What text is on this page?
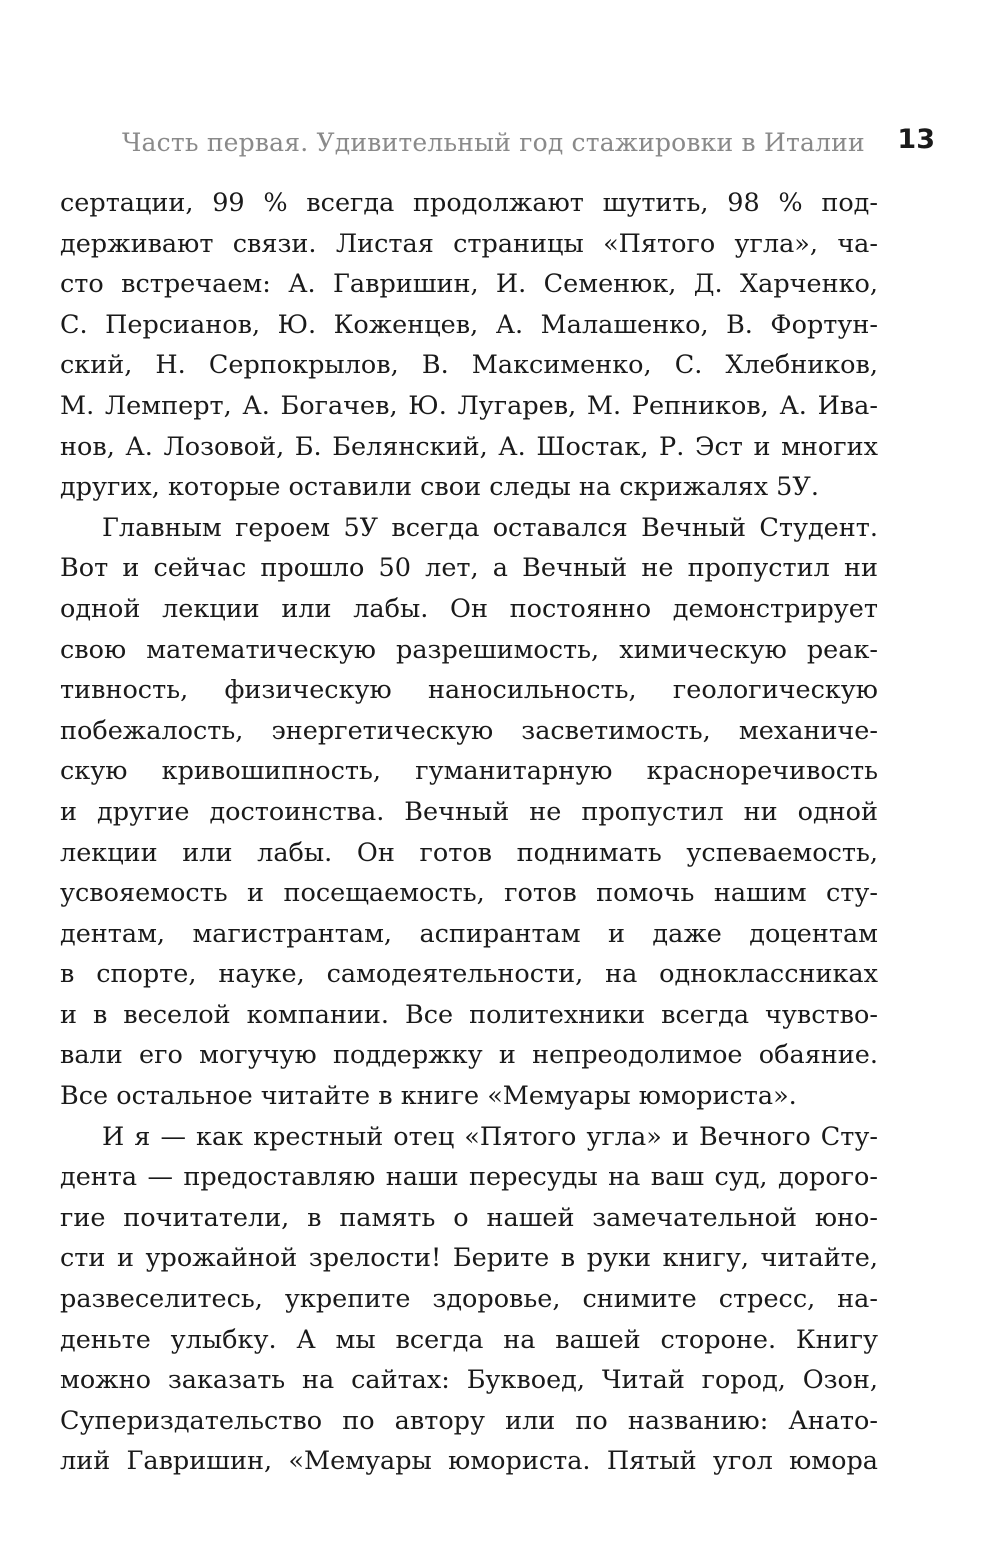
Часть первая. Удивительный год стажировки в Италии 13
сертации, 99 % всегда продолжают шутить, 98 % под-
держивают связи. Листая страницы «Пятого угла», ча-
сто встречаем: А. Гавришин, И. Семенюк, Д. Харченко,
С. Персианов, Ю. Коженцев, А. Малашенко, В. Фортун-
ский, Н. Серпокрылов, В. Максименко, С. Хлебников,
М. Лемперт, А. Богачев, Ю. Лугарев, М. Репников, А. Ива-
нов, А. Лозовой, Б. Белянский, А. Шостак, Р. Эст и многих
других, которые оставили свои следы на скрижалях 5У.
Главным героем 5У всегда оставался Вечный Студент.
Вот и сейчас прошло 50 лет, а Вечный не пропустил ни
одной лекции или лабы. Он постоянно демонстрирует
свою математическую разрешимость, химическую реак-
тивность, физическую наносильность, геологическую
побежалость, энергетическую засветимость, механиче-
скую кривошипность, гуманитарную красноречивость
и другие достоинства. Вечный не пропустил ни одной
лекции или лабы. Он готов поднимать успеваемость,
усвояемость и посещаемость, готов помочь нашим сту-
дентам, магистрантам, аспирантам и даже доцентам
в спорте, науке, самодеятельности, на одноклассниках
и в веселой компании. Все политехники всегда чувство-
вали его могучую поддержку и непреодолимое обаяние.
Все остальное читайте в книге «Мемуары юмориста».
И я — как крестный отец «Пятого угла» и Вечного Сту-
дента — предоставляю наши пересуды на ваш суд, дорого-
гие почитатели, в память о нашей замечательной юно-
сти и урожайной зрелости! Берите в руки книгу, читайте,
развеселитесь, укрепите здоровье, снимите стресс, на-
деньте улыбку. А мы всегда на вашей стороне. Книгу
можно заказать на сайтах: Буквоед, Читай город, Озон,
Супериздательство по автору или по названию: Анато-
лий Гавришин, «Мемуары юмориста. Пятый угол юмора
